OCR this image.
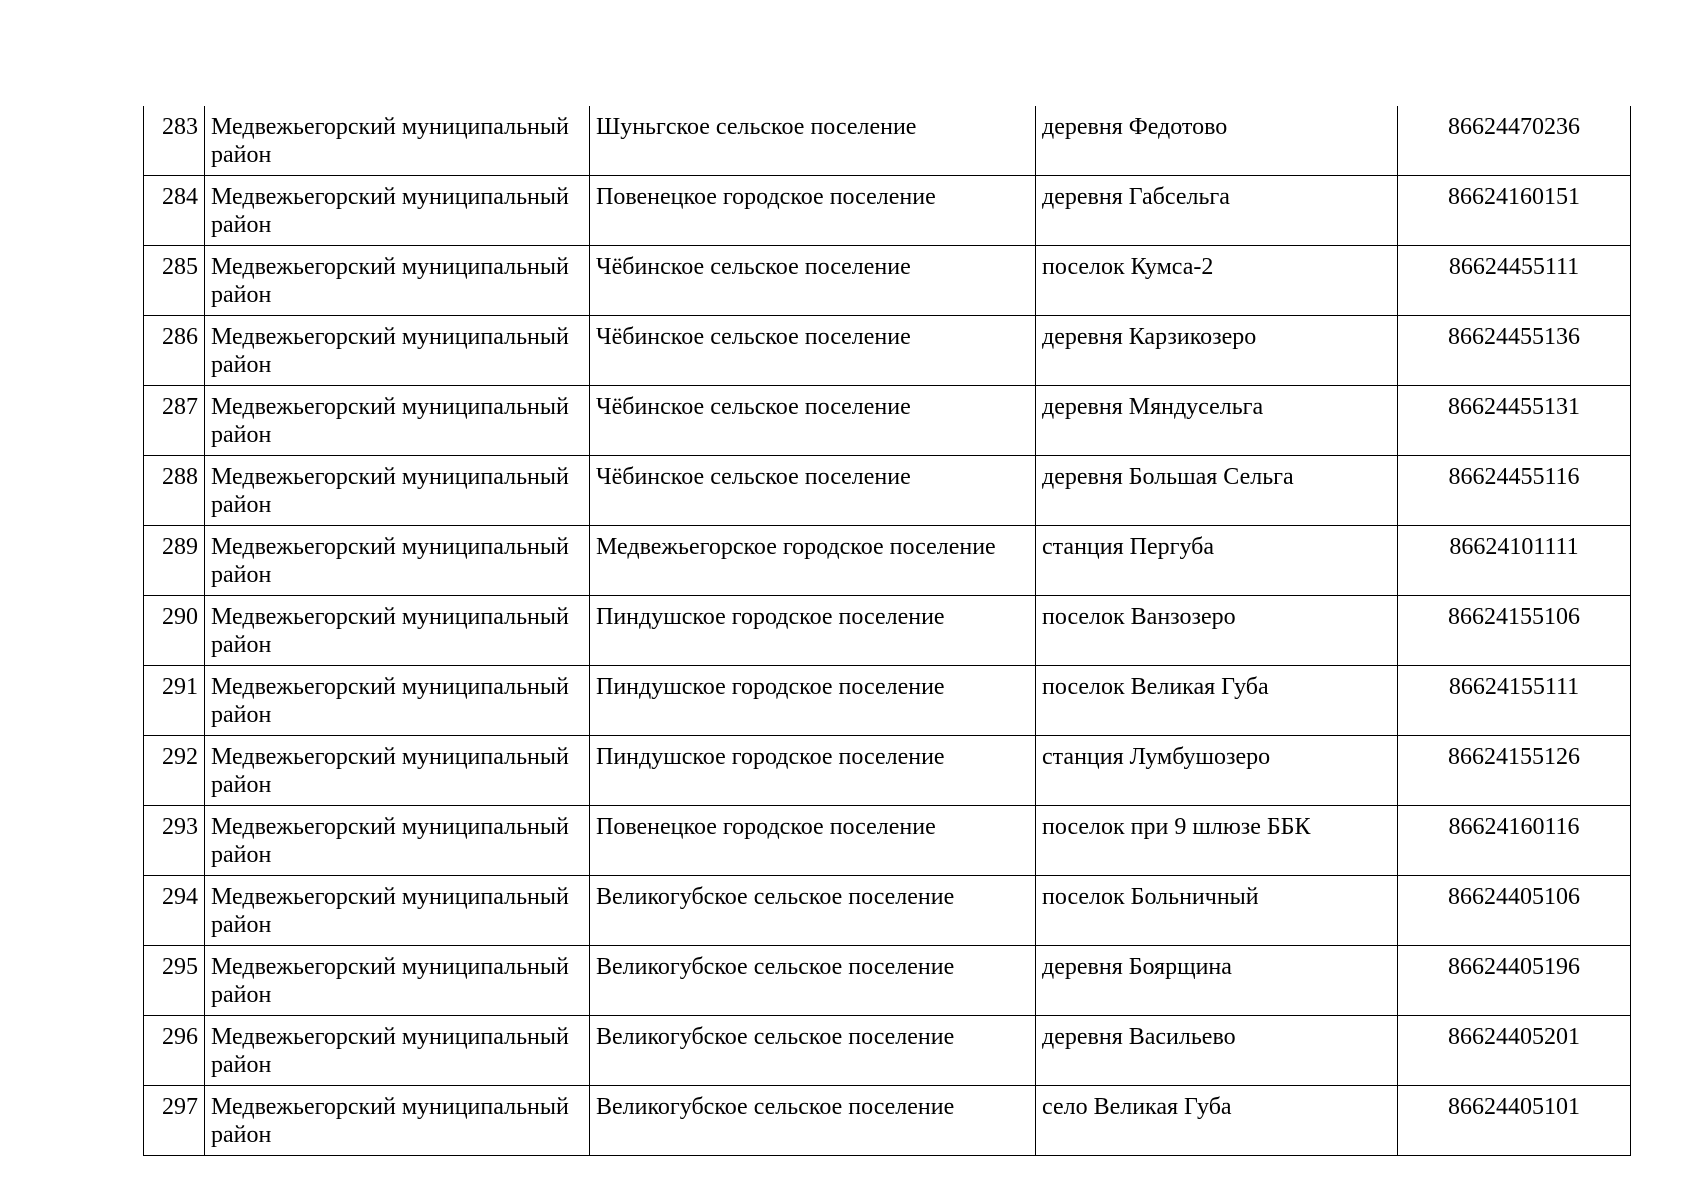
283	Медвежьегорский муниципальный район	Шуньгское сельское поселение	деревня Федотово	86624470236
284	Медвежьегорский муниципальный район	Повенецкое городское поселение	деревня Габсельга	86624160151
285	Медвежьегорский муниципальный район	Чёбинское сельское поселение	поселок Кумса-2	86624455111
286	Медвежьегорский муниципальный район	Чёбинское сельское поселение	деревня Карзикозеро	86624455136
287	Медвежьегорский муниципальный район	Чёбинское сельское поселение	деревня Мяндусельга	86624455131
288	Медвежьегорский муниципальный район	Чёбинское сельское поселение	деревня Большая Сельга	86624455116
289	Медвежьегорский муниципальный район	Медвежьегорское городское поселение	станция Пергуба	86624101111
290	Медвежьегорский муниципальный район	Пиндушское городское поселение	поселок Ванзозеро	86624155106
291	Медвежьегорский муниципальный район	Пиндушское городское поселение	поселок Великая Губа	86624155111
292	Медвежьегорский муниципальный район	Пиндушское городское поселение	станция Лумбушозеро	86624155126
293	Медвежьегорский муниципальный район	Повенецкое городское поселение	поселок при 9 шлюзе ББК	86624160116
294	Медвежьегорский муниципальный район	Великогубское сельское поселение	поселок Больничный	86624405106
295	Медвежьегорский муниципальный район	Великогубское сельское поселение	деревня Боярщина	86624405196
296	Медвежьегорский муниципальный район	Великогубское сельское поселение	деревня Васильево	86624405201
297	Медвежьегорский муниципальный район	Великогубское сельское поселение	село Великая Губа	86624405101
